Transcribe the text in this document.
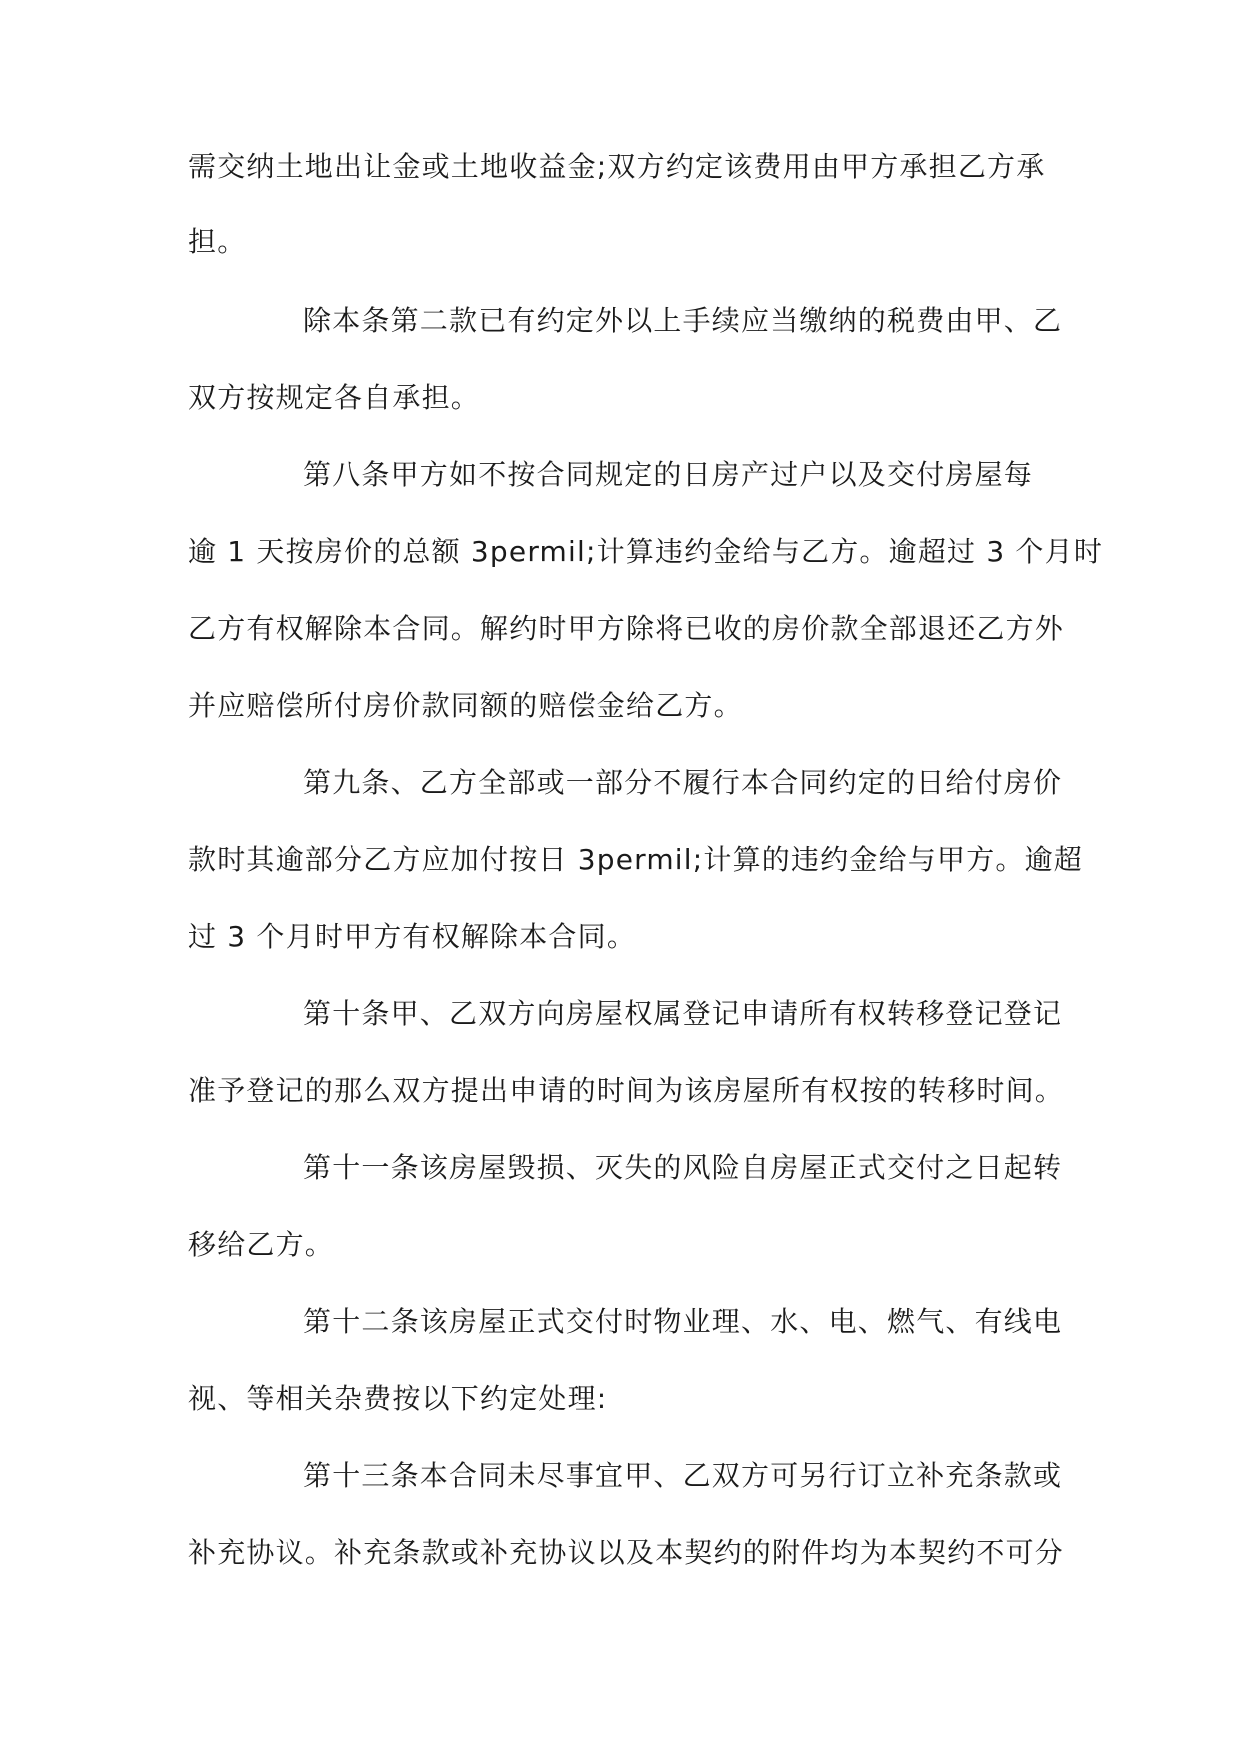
需交纳土地出让金或土地收益金;双方约定该费用由甲方承担乙方承
担。
除本条第二款已有约定外以上手续应当缴纳的税费由甲、乙
双方按规定各自承担。
第八条甲方如不按合同规定的日房产过户以及交付房屋每
逾 1 天按房价的总额 3permil;计算违约金给与乙方。逾超过 3 个月时
乙方有权解除本合同。解约时甲方除将已收的房价款全部退还乙方外
并应赔偿所付房价款同额的赔偿金给乙方。
第九条、乙方全部或一部分不履行本合同约定的日给付房价
款时其逾部分乙方应加付按日 3permil;计算的违约金给与甲方。逾超
过 3 个月时甲方有权解除本合同。
第十条甲、乙双方向房屋权属登记申请所有权转移登记登记
准予登记的那么双方提出申请的时间为该房屋所有权按的转移时间。
第十一条该房屋毁损、灭失的风险自房屋正式交付之日起转
移给乙方。
第十二条该房屋正式交付时物业理、水、电、燃气、有线电
视、等相关杂费按以下约定处理:
第十三条本合同未尽事宜甲、乙双方可另行订立补充条款或
补充协议。补充条款或补充协议以及本契约的附件均为本契约不可分
